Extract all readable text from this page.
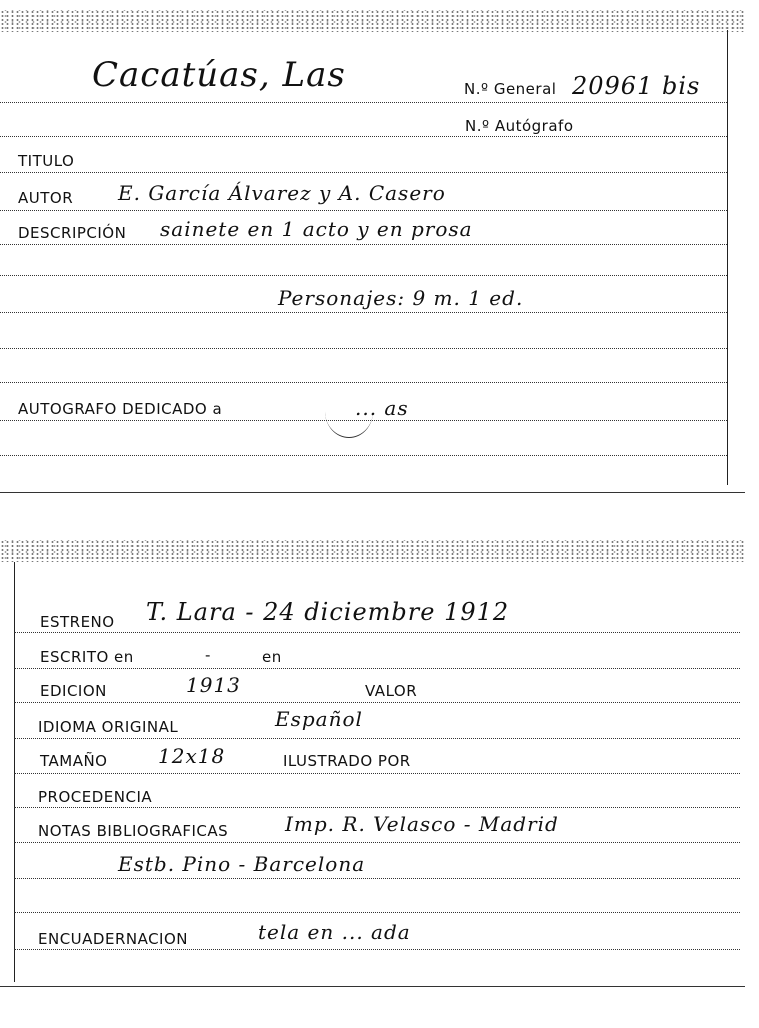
Cacatúas, Las	N.º General 20961 bis
N.º Autógrafo
TITULO
AUTOR E. García Álvarez y A. Casero
DESCRIPCIÓN sainete en 1 acto y en prosa
Personajes: 9 m. 1 ed.
AUTOGRAFO DEDICADO a	... as
ESTRENO T. Lara - 24 diciembre 1912
ESCRITO en	-	en
EDICION	1913	VALOR
IDIOMA ORIGINAL	Español
TAMAÑO	12x18	ILUSTRADO POR
PROCEDENCIA
NOTAS BIBLIOGRAFICAS	Imp. R. Velasco - Madrid
Estb. Pino - Barcelona
ENCUADERNACION	tela en ... ada
